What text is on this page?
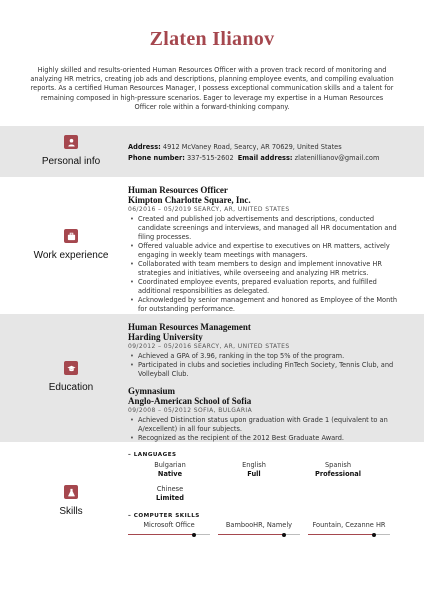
Zlaten Ilianov
Highly skilled and results-oriented Human Resources Officer with a proven track record of monitoring and analyzing HR metrics, creating job ads and descriptions, planning employee events, and compiling evaluation reports. As a certified Human Resources Manager, I possess exceptional communication skills and a talent for remaining composed in high-pressure scenarios. Eager to leverage my expertise in a Human Resources Officer role within a forward-thinking company.
Personal info
Address: 4912 McVaney Road, Searcy, AR 70629, United States
Phone number: 337-515-2602 Email address: zlatenillianov@gmail.com
Work experience
Human Resources Officer
Kimpton Charlotte Square, Inc.
06/2016 – 05/2019 SEARCY, AR, UNITED STATES
• Created and published job advertisements and descriptions, conducted candidate screenings and interviews, and managed all HR documentation and filing processes.
• Offered valuable advice and expertise to executives on HR matters, actively engaging in weekly team meetings with managers.
• Collaborated with team members to design and implement innovative HR strategies and initiatives, while overseeing and analyzing HR metrics.
• Coordinated employee events, prepared evaluation reports, and fulfilled additional responsibilities as delegated.
• Acknowledged by senior management and honored as Employee of the Month for outstanding performance.
Education
Human Resources Management
Harding University
09/2012 – 05/2016 SEARCY, AR, UNITED STATES
• Achieved a GPA of 3.96, ranking in the top 5% of the program.
• Participated in clubs and societies including FinTech Society, Tennis Club, and Volleyball Club.
Gymnasium
Anglo-American School of Sofia
09/2008 – 05/2012 SOFIA, BULGARIA
• Achieved Distinction status upon graduation with Grade 1 (equivalent to an A/excellent) in all four subjects.
• Recognized as the recipient of the 2012 Best Graduate Award.
Skills
– LANGUAGES
Bulgarian
Native
English
Full
Spanish
Professional
Chinese
Limited
– COMPUTER SKILLS
Microsoft Office	BambooHR, Namely	Fountain, Cezanne HR
